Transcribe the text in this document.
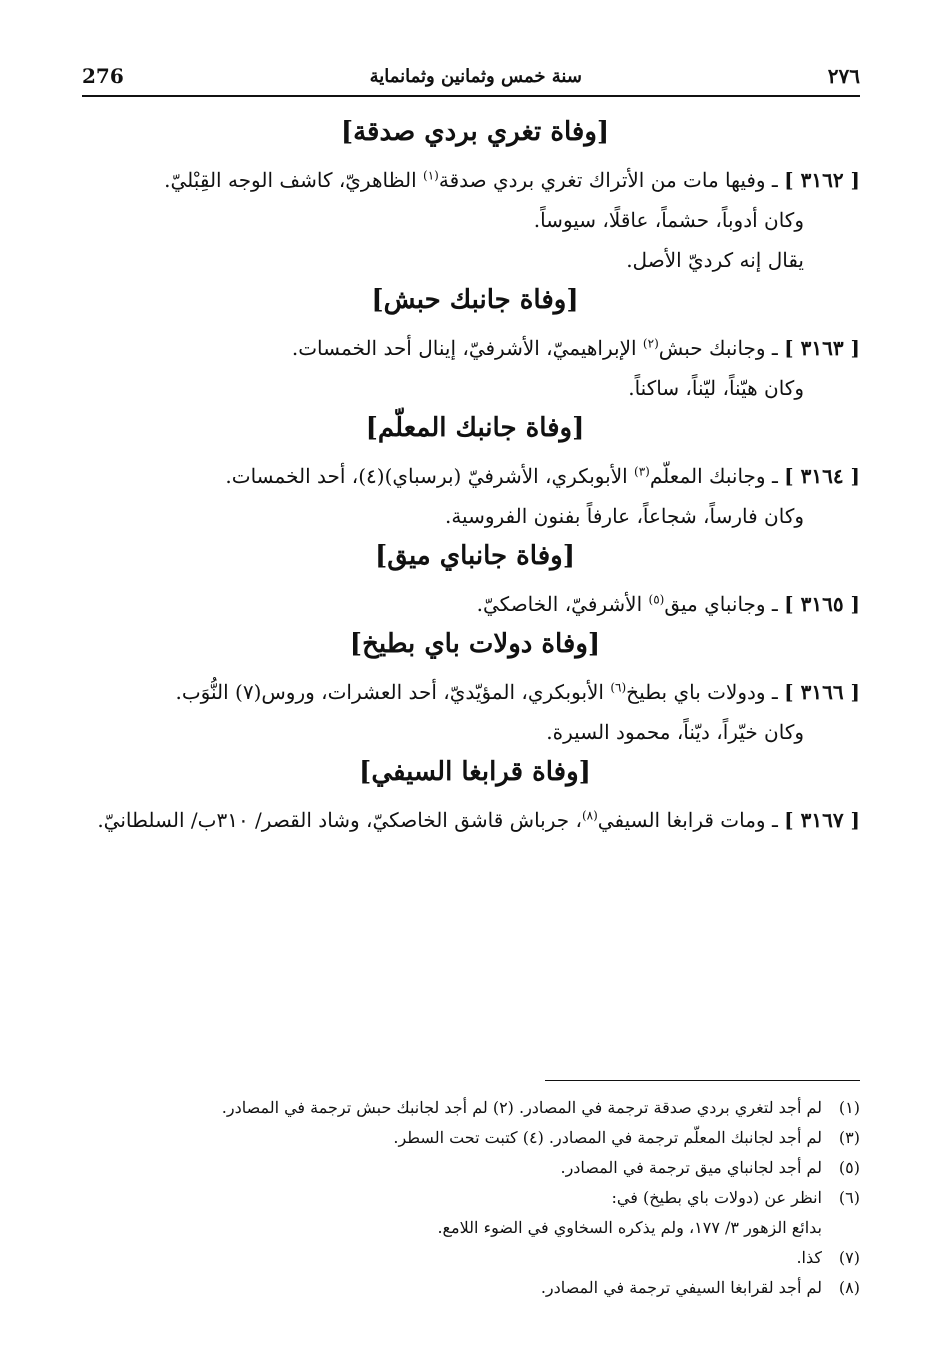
276	سنة خمس وثمانين وثمانماية	٢٧٦
[وفاة تغري بردي صدقة]

[ ٣١٦٢ ] ـ وفيها مات من الأتراك تغري بردي صدقة$^{(١)}$ الظاهريّ، كاشف الوجه القِبْليّ.

وكان أدوباً، حشماً، عاقلًا، سيوساً.

يقال إنه كرديّ الأصل.

[وفاة جانبك حبش]

[ ٣١٦٣ ] ـ وجانبك حبش$^{(٢)}$ الإبراهيميّ، الأشرفيّ، إينال أحد الخمسات.

وكان هيّناً، ليّناً، ساكناً.

[وفاة جانبك المعلّم]

[ ٣١٦٤ ] ـ وجانبك المعلّم$^{(٣)}$ الأبوبكري، الأشرفيّ (برسباي)(٤)، أحد الخمسات.

وكان فارساً، شجاعاً، عارفاً بفنون الفروسية.

[وفاة جانباي ميق]

[ ٣١٦٥ ] ـ وجانباي ميق$^{(٥)}$ الأشرفيّ، الخاصكيّ.

[وفاة دولات باي بطيخ]

[ ٣١٦٦ ] ـ ودولات باي بطيخ$^{(٦)}$ الأبوبكري، المؤيّديّ، أحد العشرات، وروس(٧) النُّوَب.

وكان خيّراً، ديّناً، محمود السيرة.

[وفاة قرابغا السيفي]

[ ٣١٦٧ ] ـ ومات قرابغا السيفي$^{(٨)}$، جرباش قاشق الخاصكيّ، وشاد القصر/ ٣١٠ب/ السلطانيّ.

(١)لم أجد لتغري بردي صدقة ترجمة في المصادر. (٢) لم أجد لجانبك حبش ترجمة في المصادر.

(٣)لم أجد لجانبك المعلّم ترجمة في المصادر. (٤) كتبت تحت السطر.

(٥)لم أجد لجانباي ميق ترجمة في المصادر.

(٦)انظر عن (دولات باي بطيخ) في:

بدائع الزهور ٣/ ١٧٧، ولم يذكره السخاوي في الضوء اللامع.

(٧)كذا.

(٨)لم أجد لقرابغا السيفي ترجمة في المصادر.
